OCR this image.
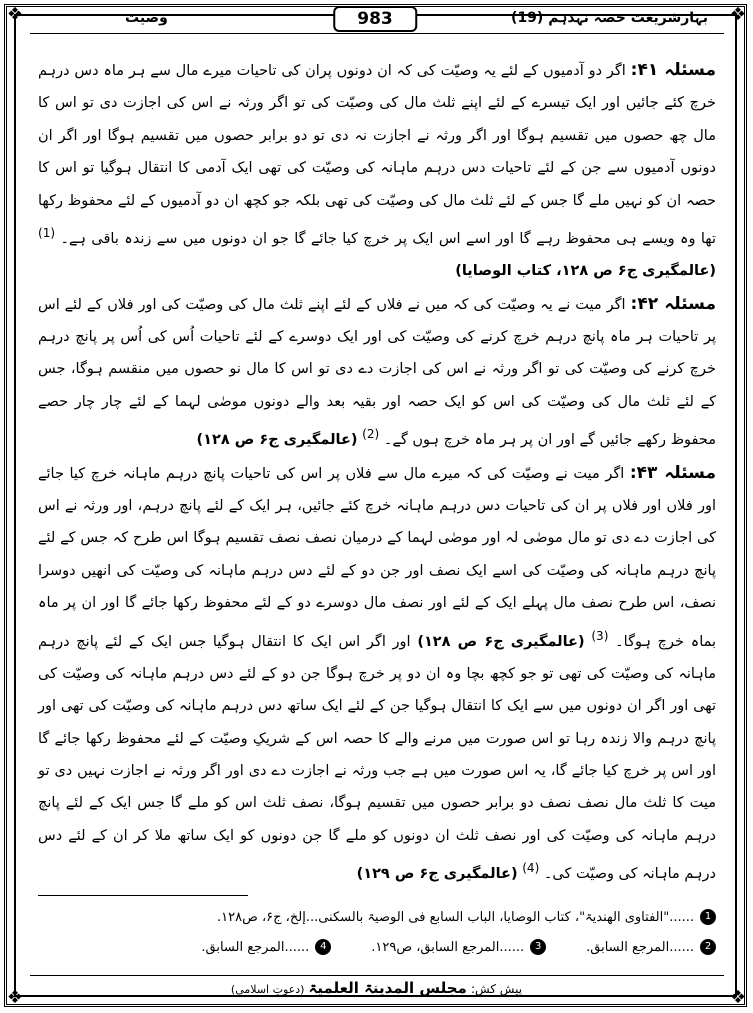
❖	❖
❖	❖
بہارشریعت حصہ نہدہم (19)
983
وصیت

مسئلہ ۴۱: اگر دو آدمیوں کے لئے یہ وصیّت کی کہ ان دونوں پران کی تاحیات میرے مال سے ہر ماہ دس درہم خرچ کئے جائیں اور ایک تیسرے کے لئے اپنے ثلث مال کی وصیّت کی تو اگر ورثہ نے اس کی اجازت دی تو اس کا مال چھ حصوں میں تقسیم ہوگا اور اگر ورثہ نے اجازت نہ دی تو دو برابر حصوں میں تقسیم ہوگا اور اگر ان دونوں آدمیوں سے جن کے لئے تاحیات دس درہم ماہانہ کی وصیّت کی تھی ایک آدمی کا انتقال ہوگیا تو اس کا حصہ ان کو نہیں ملے گا جس کے لئے ثلث مال کی وصیّت کی تھی بلکہ جو کچھ ان دو آدمیوں کے لئے محفوظ رکھا تھا وہ ویسے ہی محفوظ رہے گا اور اسے اس ایک پر خرچ کیا جائے گا جو ان دونوں میں سے زندہ باقی ہے۔ $^{(1)}$ (عالمگیری ج۶ ص ۱۲۸، کتاب الوصایا)

مسئلہ ۴۲: اگر میت نے یہ وصیّت کی کہ میں نے فلاں کے لئے اپنے ثلث مال کی وصیّت کی اور فلاں کے لئے اس پر تاحیات ہر ماہ پانچ درہم خرچ کرنے کی وصیّت کی اور ایک دوسرے کے لئے تاحیات اُس کی اُس پر پانچ درہم خرچ کرنے کی وصیّت کی تو اگر ورثہ نے اس کی اجازت دے دی تو اس کا مال نو حصوں میں منقسم ہوگا، جس کے لئے ثلث مال کی وصیّت کی اس کو ایک حصہ اور بقیہ بعد والے دونوں موصٰی لہما کے لئے چار چار حصے محفوظ رکھے جائیں گے اور ان پر ہر ماہ خرچ ہوں گے۔ $^{(2)}$ (عالمگیری ج۶ ص ۱۲۸)

مسئلہ ۴۳: اگر میت نے وصیّت کی کہ میرے مال سے فلاں پر اس کی تاحیات پانچ درہم ماہانہ خرچ کیا جائے اور فلاں اور فلاں پر ان کی تاحیات دس درہم ماہانہ خرچ کئے جائیں، ہر ایک کے لئے پانچ درہم، اور ورثہ نے اس کی اجازت دے دی تو مال موصٰی لہ اور موصٰی لہما کے درمیان نصف نصف تقسیم ہوگا اس طرح کہ جس کے لئے پانچ درہم ماہانہ کی وصیّت کی اسے ایک نصف اور جن دو کے لئے دس درہم ماہانہ کی وصیّت کی انھیں دوسرا نصف، اس طرح نصف مال پہلے ایک کے لئے اور نصف مال دوسرے دو کے لئے محفوظ رکھا جائے گا اور ان پر ماہ بماہ خرچ ہوگا۔ $^{(3)}$ (عالمگیری ج۶ ص ۱۲۸) اور اگر اس ایک کا انتقال ہوگیا جس ایک کے لئے پانچ درہم ماہانہ کی وصیّت کی تھی تو جو کچھ بچا وہ ان دو پر خرچ ہوگا جن دو کے لئے دس درہم ماہانہ کی وصیّت کی تھی اور اگر ان دونوں میں سے ایک کا انتقال ہوگیا جن کے لئے ایک ساتھ دس درہم ماہانہ کی وصیّت کی تھی اور پانچ درہم والا زندہ رہا تو اس صورت میں مرنے والے کا حصہ اس کے شریکِ وصیّت کے لئے محفوظ رکھا جائے گا اور اس پر خرچ کیا جائے گا، یہ اس صورت میں ہے جب ورثہ نے اجازت دے دی اور اگر ورثہ نے اجازت نہیں دی تو میت کا ثلث مال نصف نصف دو برابر حصوں میں تقسیم ہوگا، نصف ثلث اس کو ملے گا جس ایک کے لئے پانچ درہم ماہانہ کی وصیّت کی اور نصف ثلث ان دونوں کو ملے گا جن دونوں کو ایک ساتھ ملا کر ان کے لئے دس درہم ماہانہ کی وصیّت کی۔ $^{(4)}$ (عالمگیری ج۶ ص ۱۲۹)

1
......"الفتاوی الھندیۃ"، کتاب الوصایا، الباب السابع فی الوصیۃ بالسکنی...إلخ، ج۶، ص۱۲۸.
2
......المرجع السابق.
3
......المرجع السابق، ص۱۲۹.
4
......المرجع السابق.
پیش کش: مجلس المدینۃ العلمیۃ (دعوتِ اسلامی)
